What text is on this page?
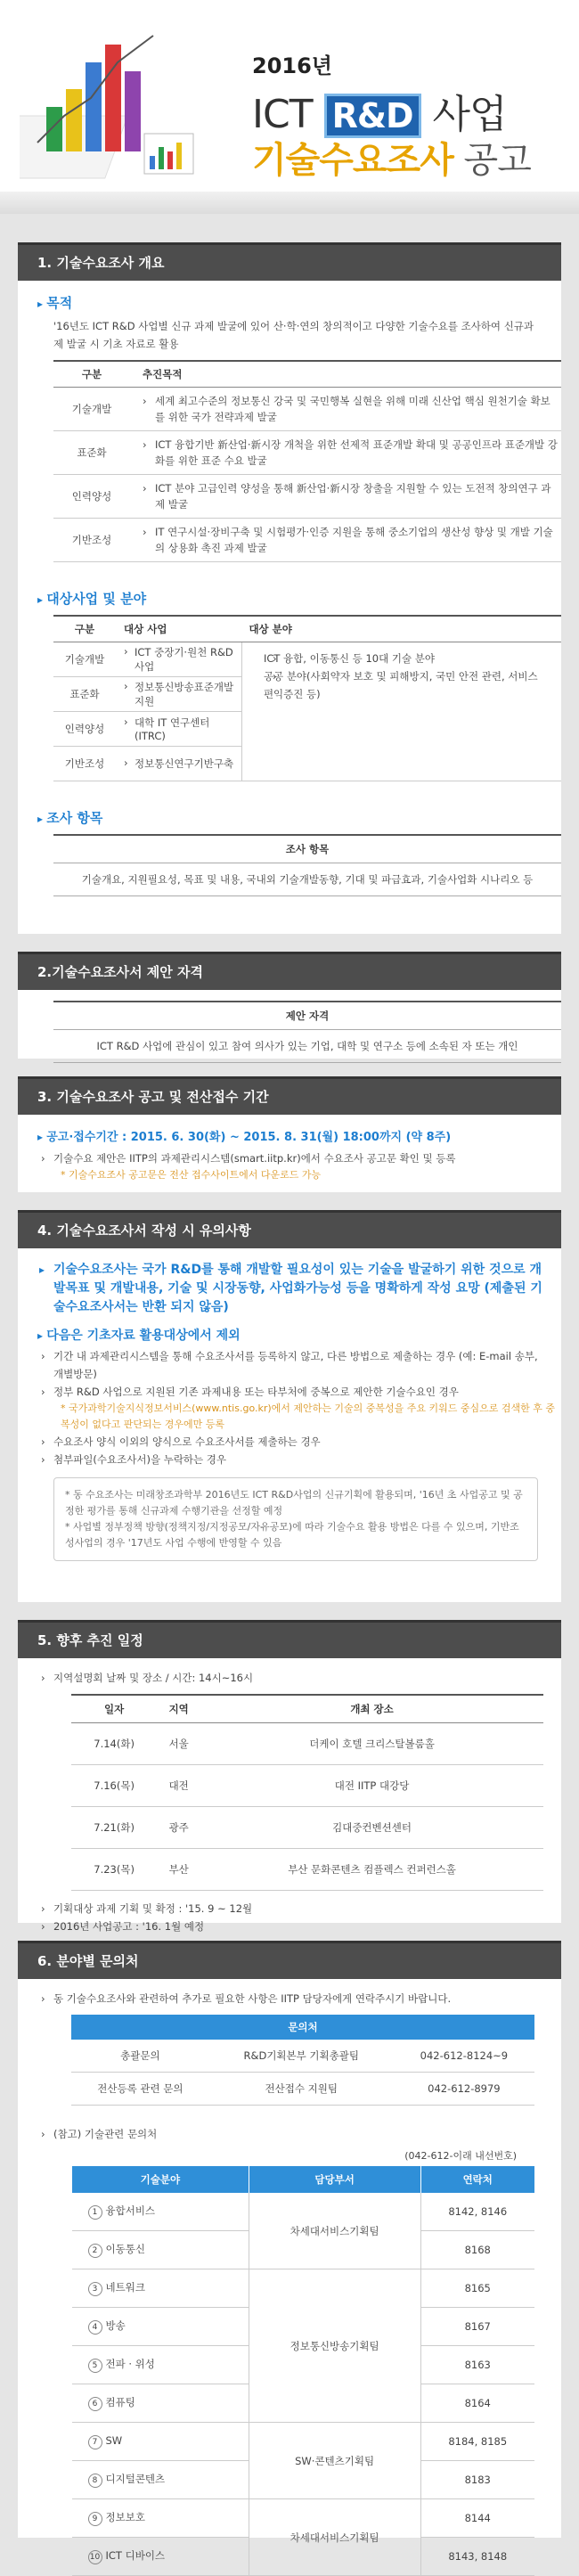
2016년
ICT R&D 사업
기술수요조사 공고
1. 기술수요조사 개요
▸ 목적
'16년도 ICT R&D 사업별 신규 과제 발굴에 있어 산·학·연의 창의적이고 다양한 기술수요를 조사하여 신규과제 발굴 시 기초 자료로 활용
구분	추진목적
기술개발	› 세계 최고수준의 정보통신 강국 및 국민행복 실현을 위해 미래 신산업 핵심 원천기술 확보를 위한 국가 전략과제 발굴
표준화	› ICT 융합기반 新산업·新시장 개척을 위한 선제적 표준개발 확대 및 공공인프라 표준개발 강화를 위한 표준 수요 발굴
인력양성	› ICT 분야 고급인력 양성을 통해 新산업·新시장 창출을 지원할 수 있는 도전적 창의연구 과제 발굴
기반조성	› IT 연구시설·장비구축 및 시험평가·인증 지원을 통해 중소기업의 생산성 향상 및 개발 기술의 상용화 촉진 과제 발굴
▸ 대상사업 및 분야
구분	대상 사업	대상 분야
기술개발	› ICT 중장기·원천 R&D 사업	› ICT 융합, 이동통신 등 10대 기술 분야
› 공공 분야(사회약자 보호 및 피해방지, 국민 안전 관련, 서비스 편익증진 등)

표준화	› 정보통신방송표준개발지원
인력양성	› 대학 IT 연구센터(ITRC)
기반조성	› 정보통신연구기반구축
▸ 조사 항목
조사 항목
기술개요, 지원필요성, 목표 및 내용, 국내외 기술개발동향, 기대 및 파급효과, 기술사업화 시나리오 등
2.기술수요조사서 제안 자격
제안 자격
ICT R&D 사업에 관심이 있고 참여 의사가 있는 기업, 대학 및 연구소 등에 소속된 자 또는 개인
3. 기술수요조사 공고 및 전산접수 기간
▸ 공고·접수기간 : 2015. 6. 30(화) ~ 2015. 8. 31(월) 18:00까지 (약 8주)
› 기술수요 제안은 IITP의 과제관리시스템(smart.iitp.kr)에서 수요조사 공고문 확인 및 등록
* 기술수요조사 공고문은 전산 접수사이트에서 다운로드 가능
4. 기술수요조사서 작성 시 유의사항
▸ 기술수요조사는 국가 R&D를 통해 개발할 필요성이 있는 기술을 발굴하기 위한 것으로 개발목표 및 개발내용, 기술 및 시장동향, 사업화가능성 등을 명확하게 작성 요망 (제출된 기술수요조사서는 반환 되지 않음)
▸ 다음은 기초자료 활용대상에서 제외
› 기간 내 과제관리시스템을 통해 수요조사서를 등록하지 않고, 다른 방법으로 제출하는 경우 (예: E-mail 송부, 개별방문)
› 정부 R&D 사업으로 지원된 기존 과제내용 또는 타부처에 중복으로 제안한 기술수요인 경우
* 국가과학기술지식정보서비스(www.ntis.go.kr)에서 제안하는 기술의 중복성을 주요 키워드 중심으로 검색한 후 중복성이 없다고 판단되는 경우에만 등록
› 수요조사 양식 이외의 양식으로 수요조사서를 제출하는 경우
› 첨부파일(수요조사서)을 누락하는 경우
* 동 수요조사는 미래창조과학부 2016년도 ICT R&D사업의 신규기획에 활용되며, '16년 초 사업공고 및 공정한 평가를 통해 신규과제 수행기관을 선정할 예정
* 사업별 정부정책 방향(정책지정/지정공모/자유공모)에 따라 기술수요 활용 방법은 다를 수 있으며, 기반조성사업의 경우 '17년도 사업 수행에 반영할 수 있음
5. 향후 추진 일정
› 지역설명회 날짜 및 장소 / 시간: 14시~16시
일자	지역	개최 장소
7.14(화)	서울	더케이 호텔 크리스탈볼룸홀
7.16(목)	대전	대전 IITP 대강당
7.21(화)	광주	김대중컨벤션센터
7.23(목)	부산	부산 문화콘텐츠 컴플렉스 컨퍼런스홀
› 기획대상 과제 기획 및 확정 : '15. 9 ~ 12월
› 2016년 사업공고 : '16. 1월 예정
6. 분야별 문의처
› 동 기술수요조사와 관련하여 추가로 필요한 사항은 IITP 담당자에게 연락주시기 바랍니다.
문의처		
총괄문의	R&D기획본부 기획총괄팀	042-612-8124~9
전산등록 관련 문의	전산접수 지원팀	042-612-8979
› (참고) 기술관련 문의처
(042-612-이래 내선번호)
기술분야	담당부서	연락처
1 융합서비스	차세대서비스기획팀	8142, 8146
2 이동통신		8168
3 네트워크	정보통신방송기획팀	8165
4 방송		8167
5 전파 · 위성		8163
6 컴퓨팅		8164
7 SW	SW·콘텐츠기획팀	8184, 8185
8 디지털콘텐츠		8183
9 정보보호	차세대서비스기획팀	8144
10 ICT 디바이스		8143, 8148
